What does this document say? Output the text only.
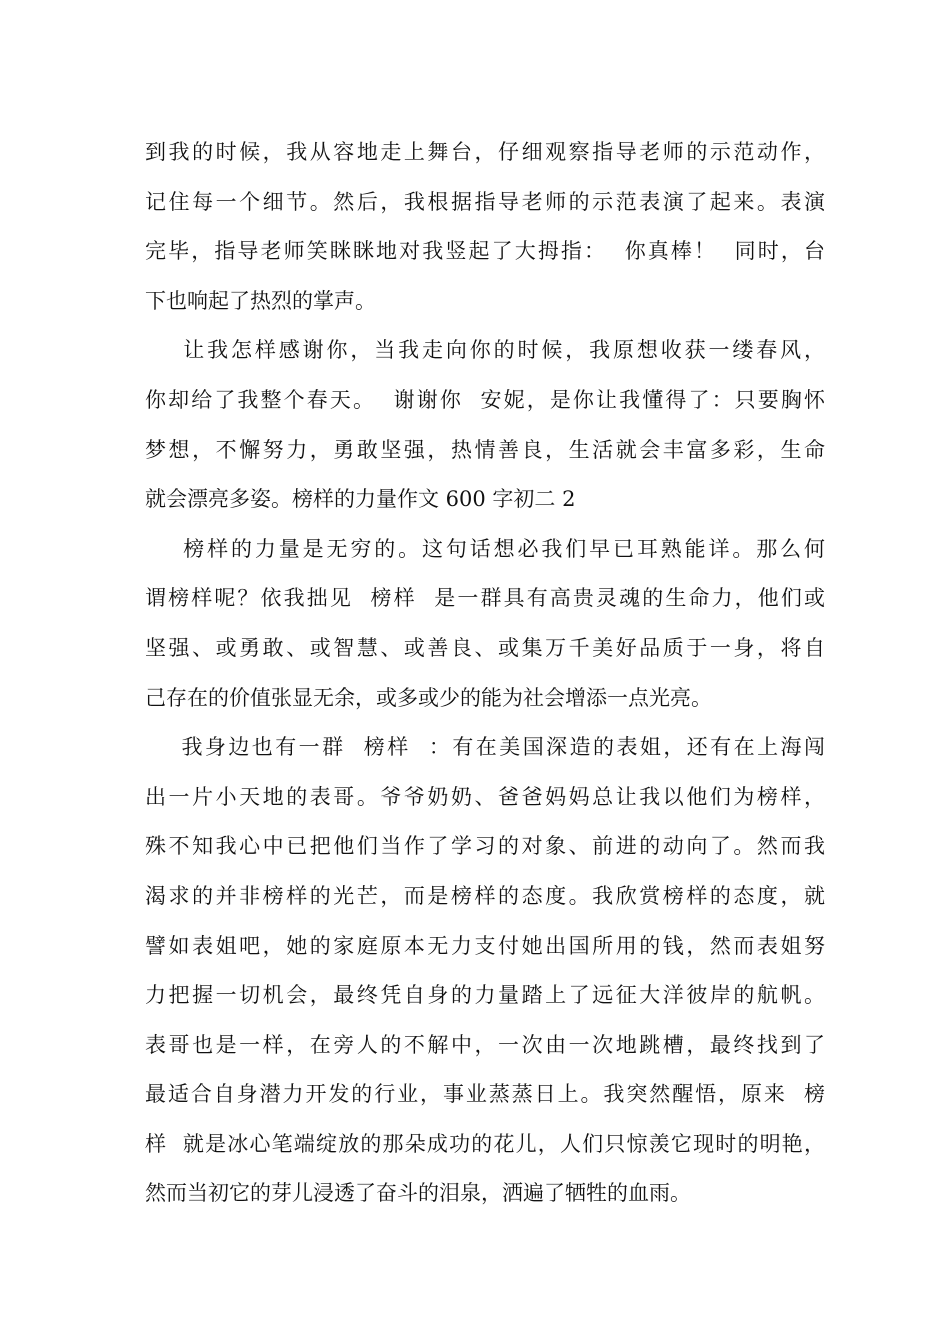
到我的时候，我从容地走上舞台，仔细观察指导老师的示范动作，
记住每一个细节。然后，我根据指导老师的示范表演了起来。表演
完毕，指导老师笑眯眯地对我竖起了大拇指：  你真棒！  同时，台
下也响起了热烈的掌声。
让我怎样感谢你，当我走向你的时候，我原想收获一缕春风，
你却给了我整个春天。  谢谢你  安妮，是你让我懂得了：只要胸怀
梦想，不懈努力，勇敢坚强，热情善良，生活就会丰富多彩，生命
就会漂亮多姿。榜样的力量作文 600 字初二 2
榜样的力量是无穷的。这句话想必我们早已耳熟能详。那么何
谓榜样呢？依我拙见  榜样  是一群具有高贵灵魂的生命力，他们或
坚强、或勇敢、或智慧、或善良、或集万千美好品质于一身，将自
己存在的价值张显无余，或多或少的能为社会增添一点光亮。
我身边也有一群  榜样  ：有在美国深造的表姐，还有在上海闯
出一片小天地的表哥。爷爷奶奶、爸爸妈妈总让我以他们为榜样，
殊不知我心中已把他们当作了学习的对象、前进的动向了。然而我
渴求的并非榜样的光芒，而是榜样的态度。我欣赏榜样的态度，就
譬如表姐吧，她的家庭原本无力支付她出国所用的钱，然而表姐努
力把握一切机会，最终凭自身的力量踏上了远征大洋彼岸的航帆。
表哥也是一样，在旁人的不解中，一次由一次地跳槽，最终找到了
最适合自身潜力开发的行业，事业蒸蒸日上。我突然醒悟，原来  榜
样  就是冰心笔端绽放的那朵成功的花儿，人们只惊羡它现时的明艳，
然而当初它的芽儿浸透了奋斗的泪泉，洒遍了牺牲的血雨。
